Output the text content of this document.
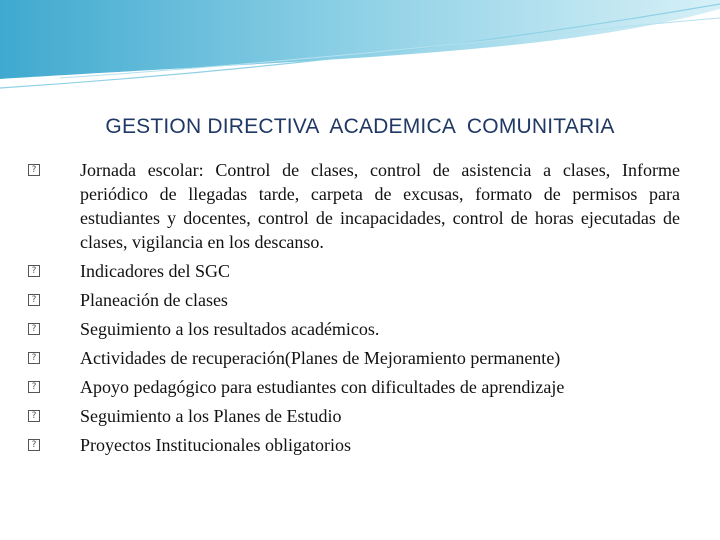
GESTION DIRECTIVA  ACADEMICA  COMUNITARIA
? Jornada escolar: Control de clases, control de asistencia a clases, Informe periódico de llegadas tarde, carpeta de excusas, formato de permisos para estudiantes y docentes, control de incapacidades, control de horas ejecutadas de clases, vigilancia en los descanso.
? Indicadores del SGC
? Planeación de clases
? Seguimiento a los resultados académicos.
? Actividades de recuperación(Planes de Mejoramiento permanente)
? Apoyo pedagógico para estudiantes con dificultades de aprendizaje
? Seguimiento a los Planes de Estudio
? Proyectos Institucionales obligatorios
